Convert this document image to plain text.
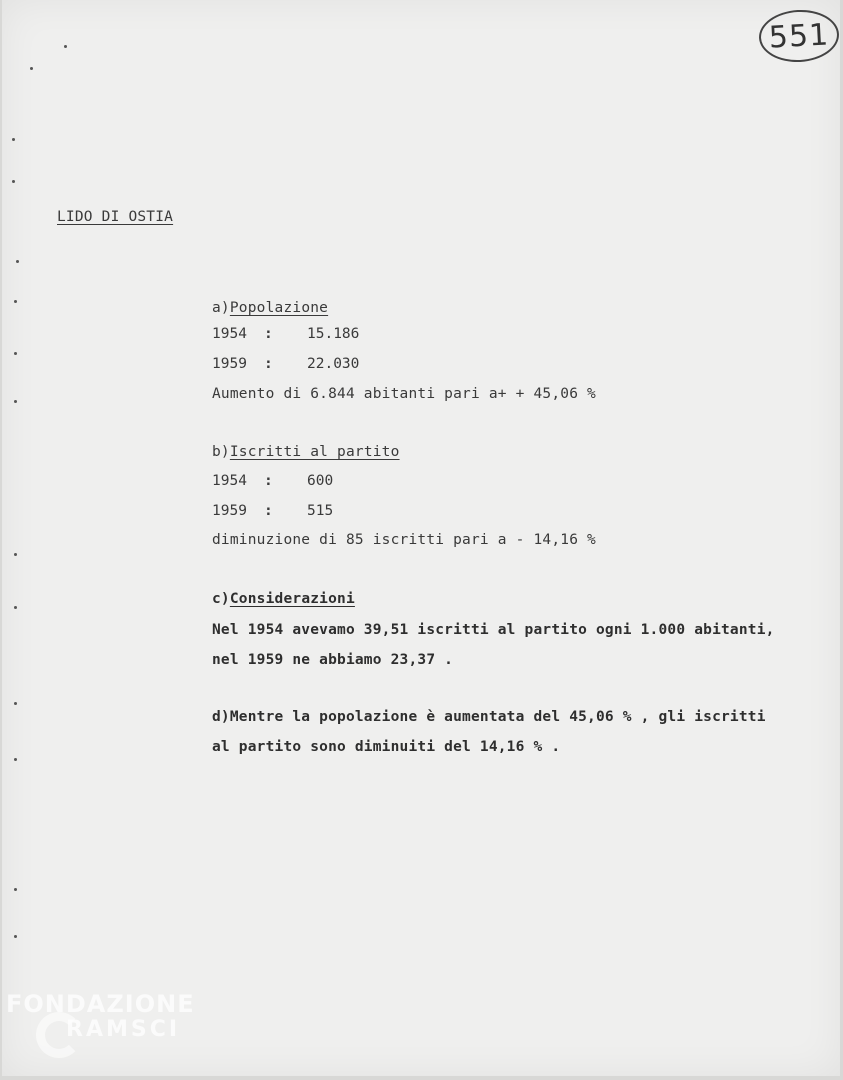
551
LIDO DI OSTIA
a)Popolazione
1954 : 15.186
1959 : 22.030
Aumento di 6.844 abitanti pari a+ + 45,06 %
b)Iscritti al partito
1954 : 600
1959 : 515
diminuzione di 85 iscritti pari a - 14,16 %
c)Considerazioni
Nel 1954 avevamo 39,51 iscritti al partito ogni 1.000 abitanti,
nel 1959 ne abbiamo 23,37 .
d)Mentre la popolazione è aumentata del 45,06 % , gli iscritti
al partito sono diminuiti del 14,16 % .
FONDAZIONE
RAMSCI
